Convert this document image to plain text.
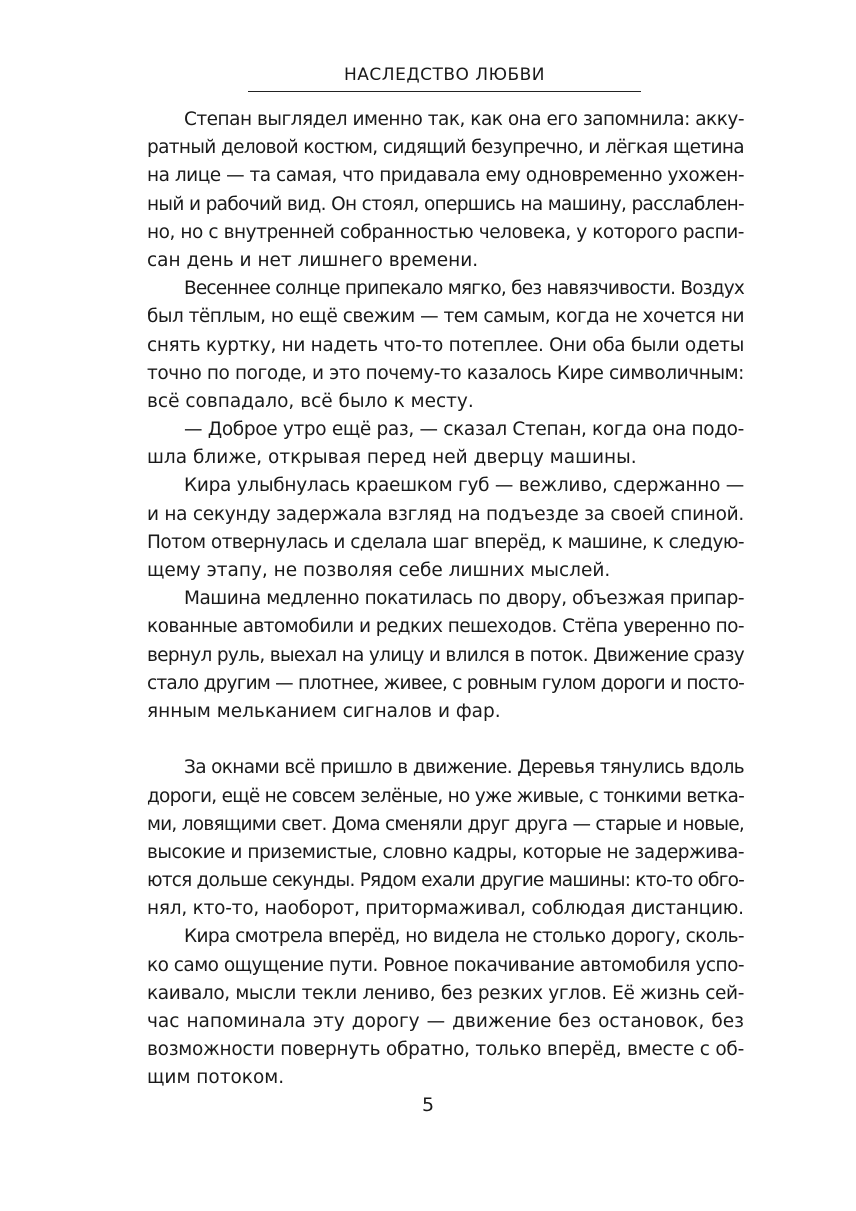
НАСЛЕДСТВО ЛЮБВИ
Степан выглядел именно так, как она его запомнила: акку-
ратный деловой костюм, сидящий безупречно, и лёгкая щетина
на лице — та самая, что придавала ему одновременно ухожен-
ный и рабочий вид. Он стоял, опершись на машину, расслаблен-
но, но с внутренней собранностью человека, у которого распи-
сан день и нет лишнего времени.
Весеннее солнце припекало мягко, без навязчивости. Воздух
был тёплым, но ещё свежим — тем самым, когда не хочется ни
снять куртку, ни надеть что-то потеплее. Они оба были одеты
точно по погоде, и это почему-то казалось Кире символичным:
всё совпадало, всё было к месту.
— Доброе утро ещё раз, — сказал Степан, когда она подо-
шла ближе, открывая перед ней дверцу машины.
Кира улыбнулась краешком губ — вежливо, сдержанно —
и на секунду задержала взгляд на подъезде за своей спиной.
Потом отвернулась и сделала шаг вперёд, к машине, к следую-
щему этапу, не позволяя себе лишних мыслей.
Машина медленно покатилась по двору, объезжая припар-
кованные автомобили и редких пешеходов. Стёпа уверенно по-
вернул руль, выехал на улицу и влился в поток. Движение сразу
стало другим — плотнее, живее, с ровным гулом дороги и посто-
янным мельканием сигналов и фар.
За окнами всё пришло в движение. Деревья тянулись вдоль
дороги, ещё не совсем зелёные, но уже живые, с тонкими ветка-
ми, ловящими свет. Дома сменяли друг друга — старые и новые,
высокие и приземистые, словно кадры, которые не задержива-
ются дольше секунды. Рядом ехали другие машины: кто-то обго-
нял, кто-то, наоборот, притормаживал, соблюдая дистанцию.
Кира смотрела вперёд, но видела не столько дорогу, сколь-
ко само ощущение пути. Ровное покачивание автомобиля успо-
каивало, мысли текли лениво, без резких углов. Её жизнь сей-
час напоминала эту дорогу — движение без остановок, без
возможности повернуть обратно, только вперёд, вместе с об-
щим потоком.
5
